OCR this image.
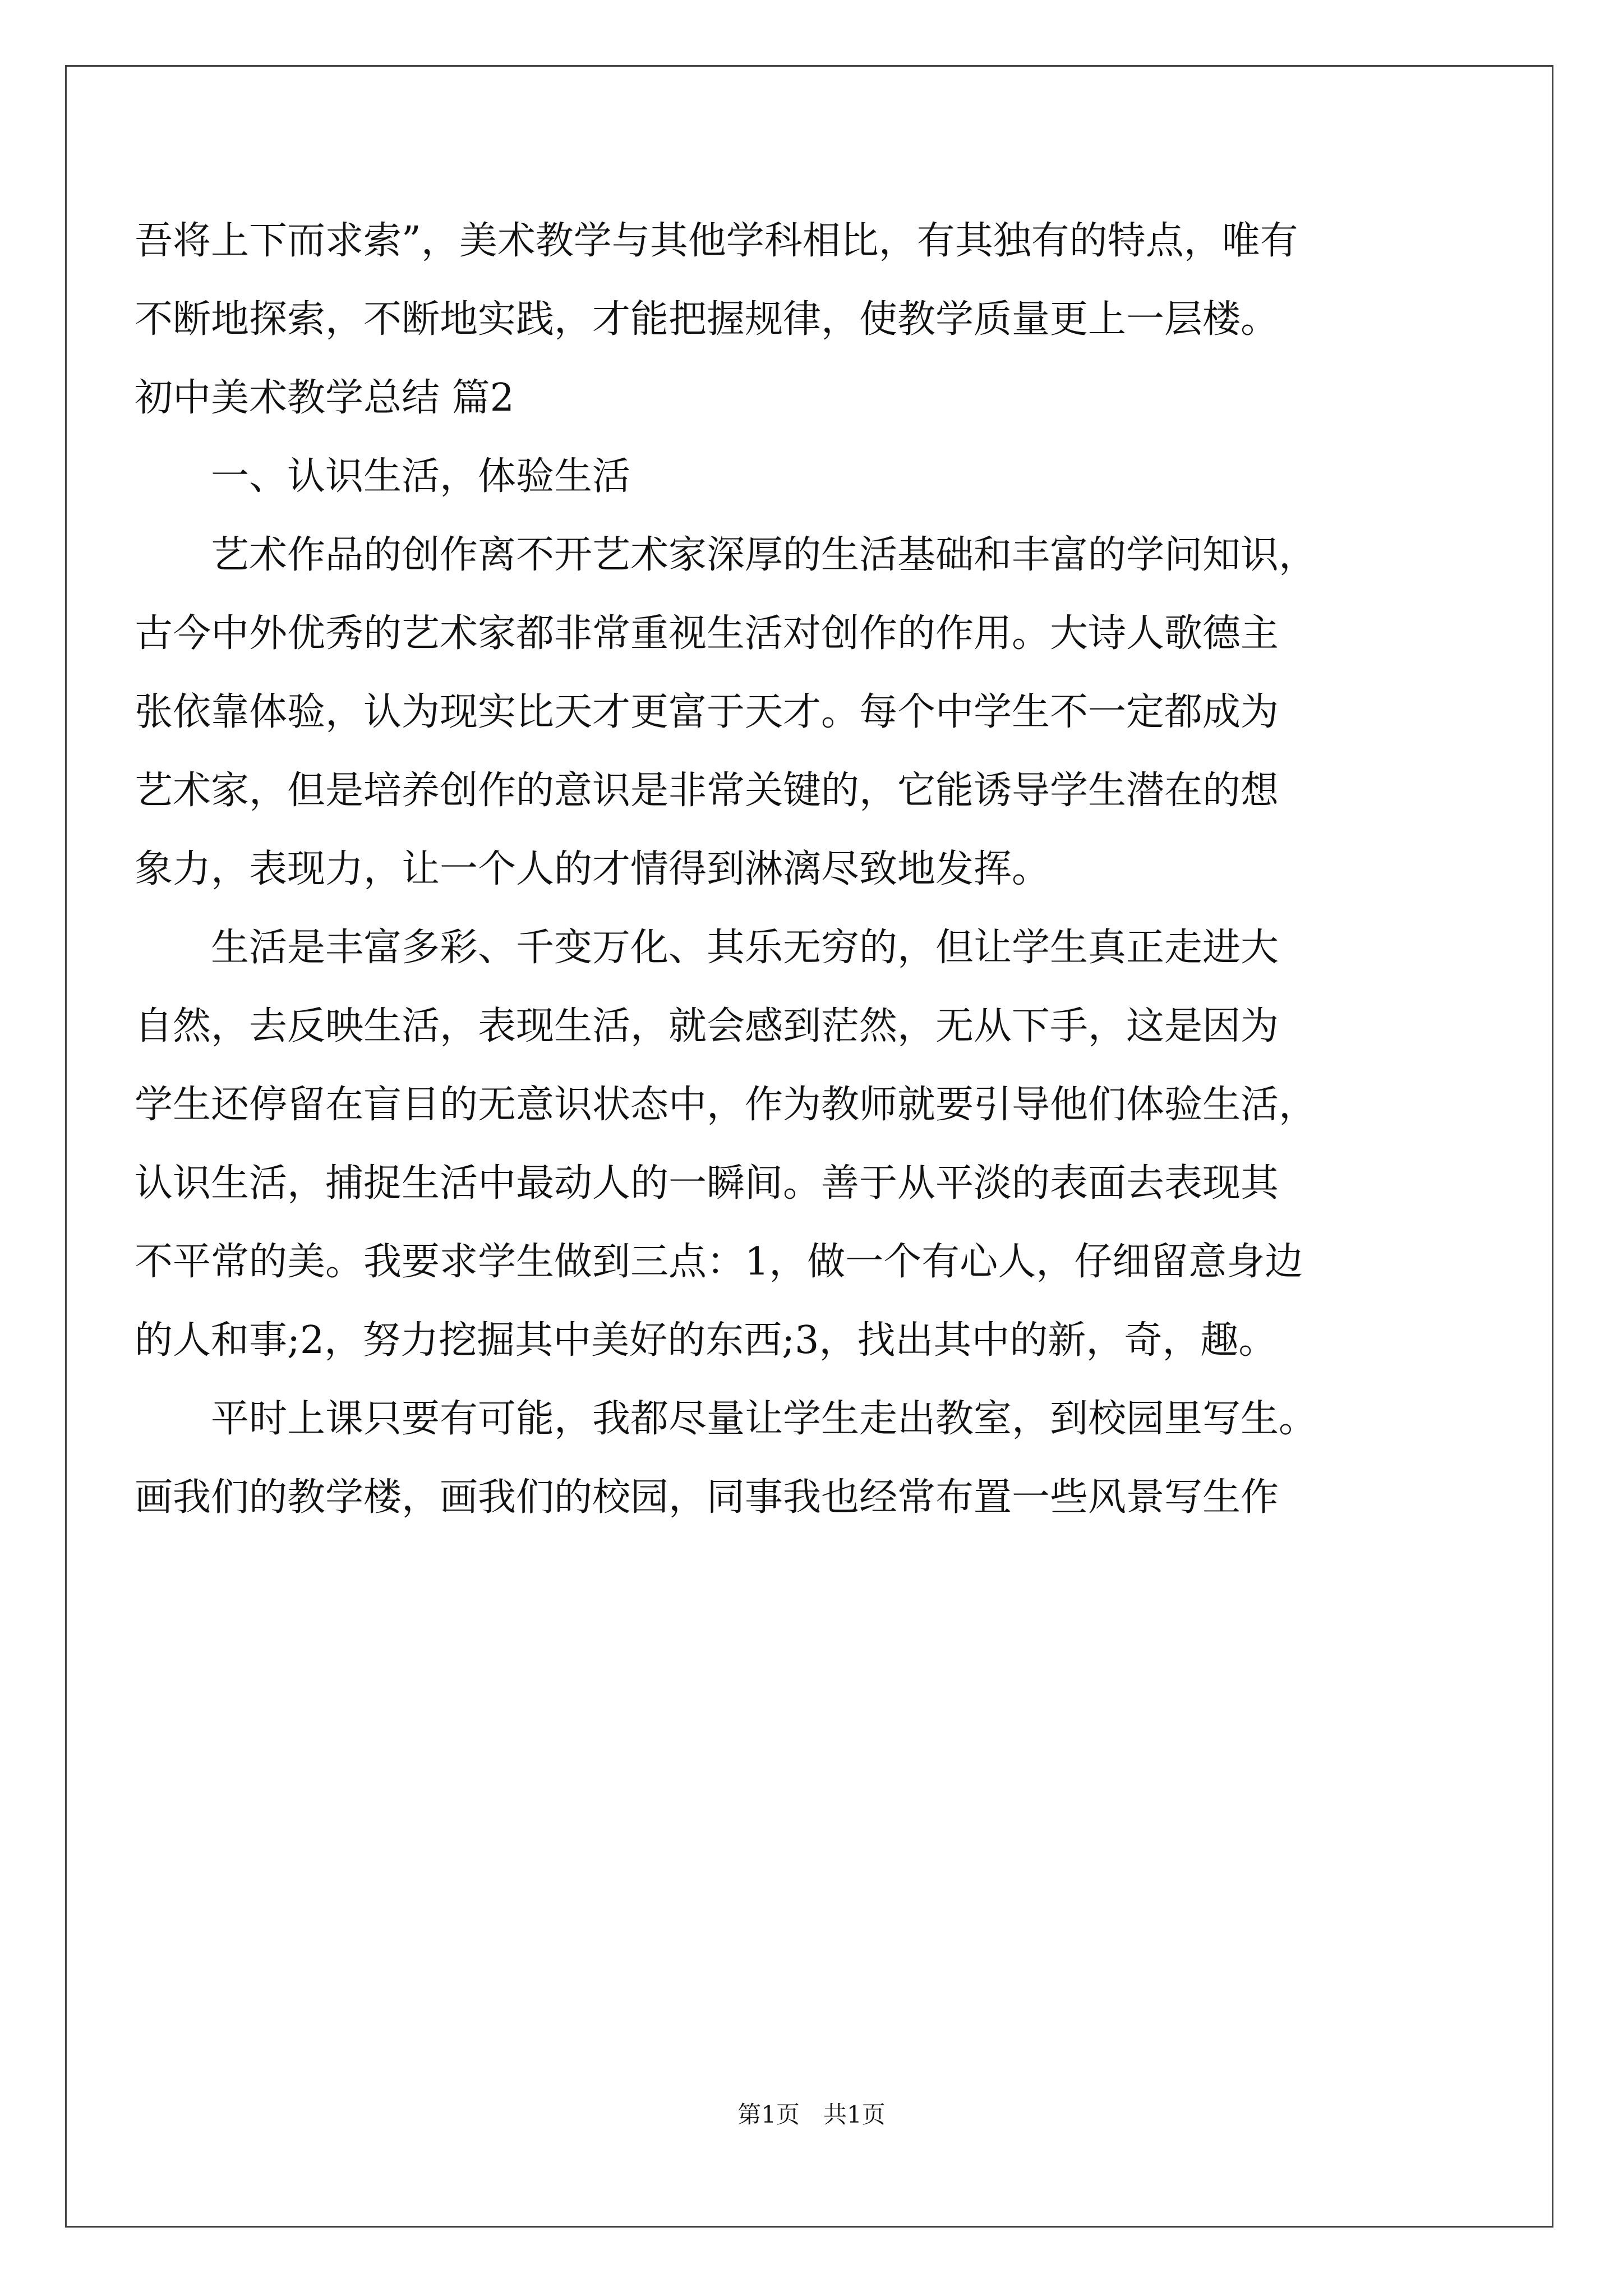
吾将上下而求索”，美术教学与其他学科相比，有其独有的特点，唯有
不断地探索，不断地实践，才能把握规律，使教学质量更上一层楼。
初中美术教学总结 篇2
一、认识生活，体验生活
艺术作品的创作离不开艺术家深厚的生活基础和丰富的学问知识，
古今中外优秀的艺术家都非常重视生活对创作的作用。大诗人歌德主
张依靠体验，认为现实比天才更富于天才。每个中学生不一定都成为
艺术家，但是培养创作的意识是非常关键的，它能诱导学生潜在的想
象力，表现力，让一个人的才情得到淋漓尽致地发挥。
生活是丰富多彩、千变万化、其乐无穷的，但让学生真正走进大
自然，去反映生活，表现生活，就会感到茫然，无从下手，这是因为
学生还停留在盲目的无意识状态中，作为教师就要引导他们体验生活，
认识生活，捕捉生活中最动人的一瞬间。善于从平淡的表面去表现其
不平常的美。我要求学生做到三点：1，做一个有心人，仔细留意身边
的人和事;2，努力挖掘其中美好的东西;3，找出其中的新，奇，趣。
平时上课只要有可能，我都尽量让学生走出教室，到校园里写生。
画我们的教学楼，画我们的校园，同事我也经常布置一些风景写生作
第1页　共1页
